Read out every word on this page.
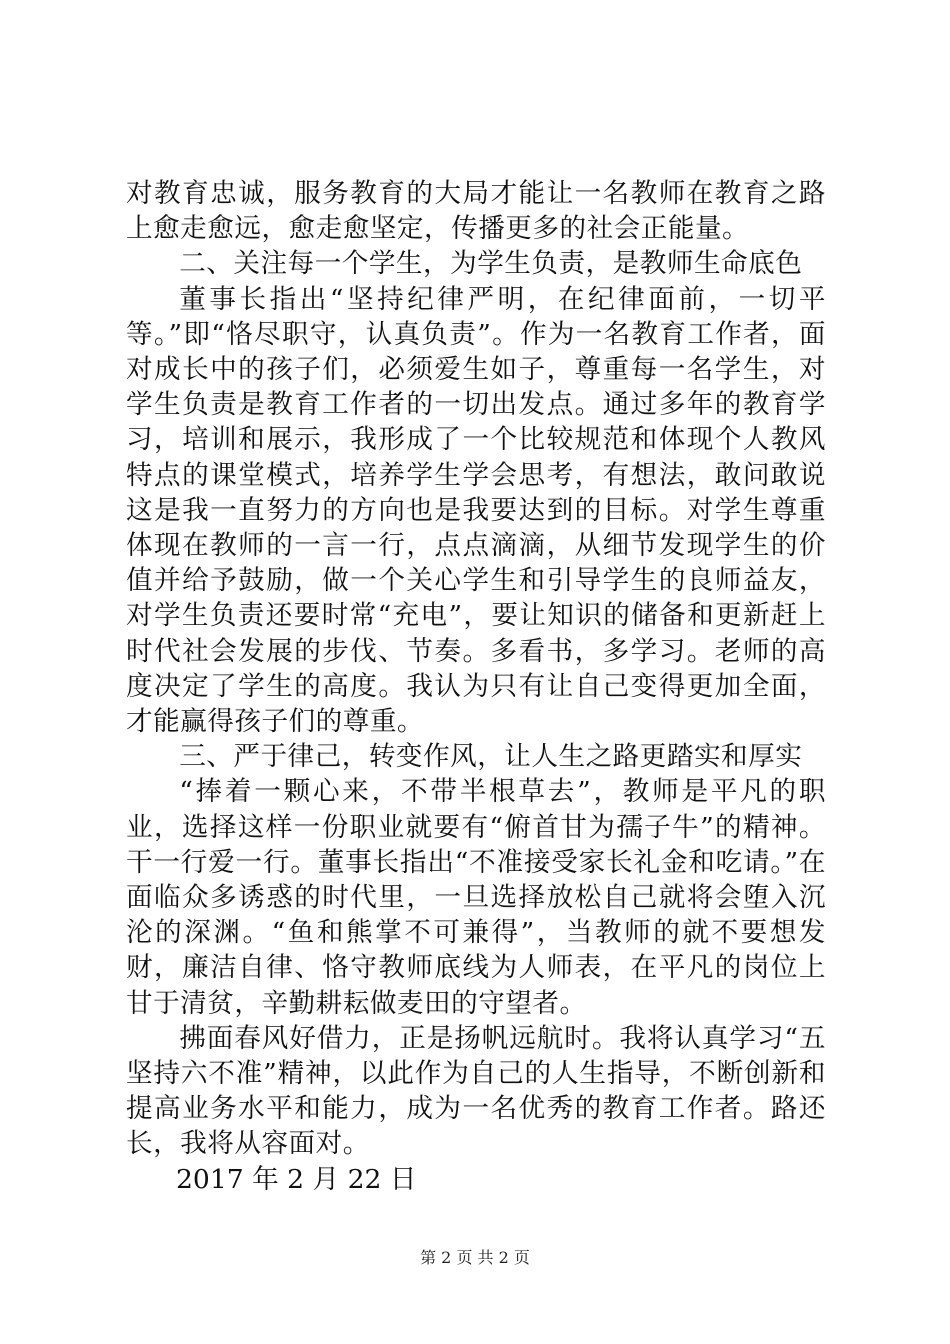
对教育忠诚，服务教育的大局才能让一名教师在教育之路上愈走愈远，愈走愈坚定，传播更多的社会正能量。

二、关注每一个学生，为学生负责，是教师生命底色

董事长指出“坚持纪律严明，在纪律面前，一切平等。”即“恪尽职守，认真负责”。作为一名教育工作者，面对成长中的孩子们，必须爱生如子，尊重每一名学生，对学生负责是教育工作者的一切出发点。通过多年的教育学习，培训和展示，我形成了一个比较规范和体现个人教风特点的课堂模式，培养学生学会思考，有想法，敢问敢说这是我一直努力的方向也是我要达到的目标。对学生尊重体现在教师的一言一行，点点滴滴，从细节发现学生的价值并给予鼓励，做一个关心学生和引导学生的良师益友，对学生负责还要时常“充电”，要让知识的储备和更新赶上时代社会发展的步伐、节奏。多看书，多学习。老师的高度决定了学生的高度。我认为只有让自己变得更加全面，才能赢得孩子们的尊重。

三、严于律己，转变作风，让人生之路更踏实和厚实

“捧着一颗心来，不带半根草去”，教师是平凡的职业，选择这样一份职业就要有“俯首甘为孺子牛”的精神。干一行爱一行。董事长指出“不准接受家长礼金和吃请。”在面临众多诱惑的时代里，一旦选择放松自己就将会堕入沉沦的深渊。“鱼和熊掌不可兼得”，当教师的就不要想发财，廉洁自律、恪守教师底线为人师表，在平凡的岗位上甘于清贫，辛勤耕耘做麦田的守望者。

拂面春风好借力，正是扬帆远航时。我将认真学习“五坚持六不准”精神，以此作为自己的人生指导，不断创新和提高业务水平和能力，成为一名优秀的教育工作者。路还长，我将从容面对。

2017 年 2 月 22 日

第 2 页 共 2 页
